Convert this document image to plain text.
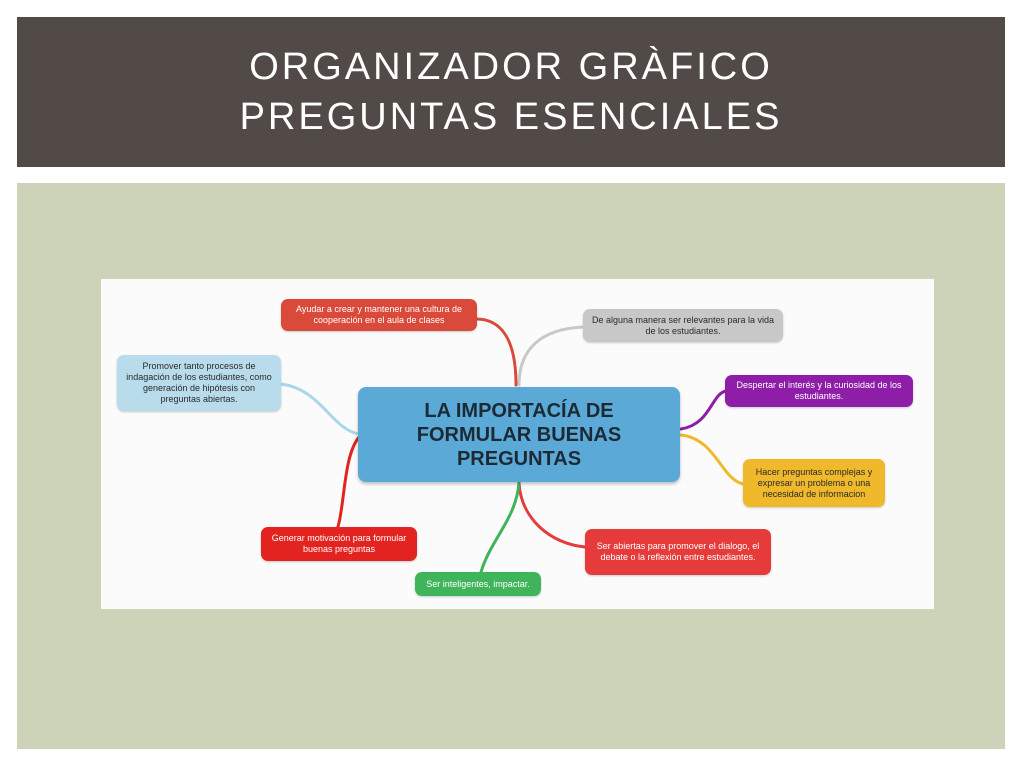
ORGANIZADOR GRÀFICO
PREGUNTAS ESENCIALES
LA IMPORTACÍA DE FORMULAR BUENAS PREGUNTAS
Ayudar a crear y mantener una cultura de cooperación en el aula de clases	De alguna manera ser relevantes para la vida de los estudiantes.
Promover tanto procesos de indagación de los estudiantes, como generación de hipótesis con preguntas abiertas.
Despertar el interés y la curiosidad de los estudiantes.
Hacer preguntas complejas y expresar un problema o una necesidad de informacion
Generar motivación para formular buenas preguntas	Ser abiertas para promover el dialogo, el debate o la reflexión entre estudiantes.
Ser inteligentes, impactar.
